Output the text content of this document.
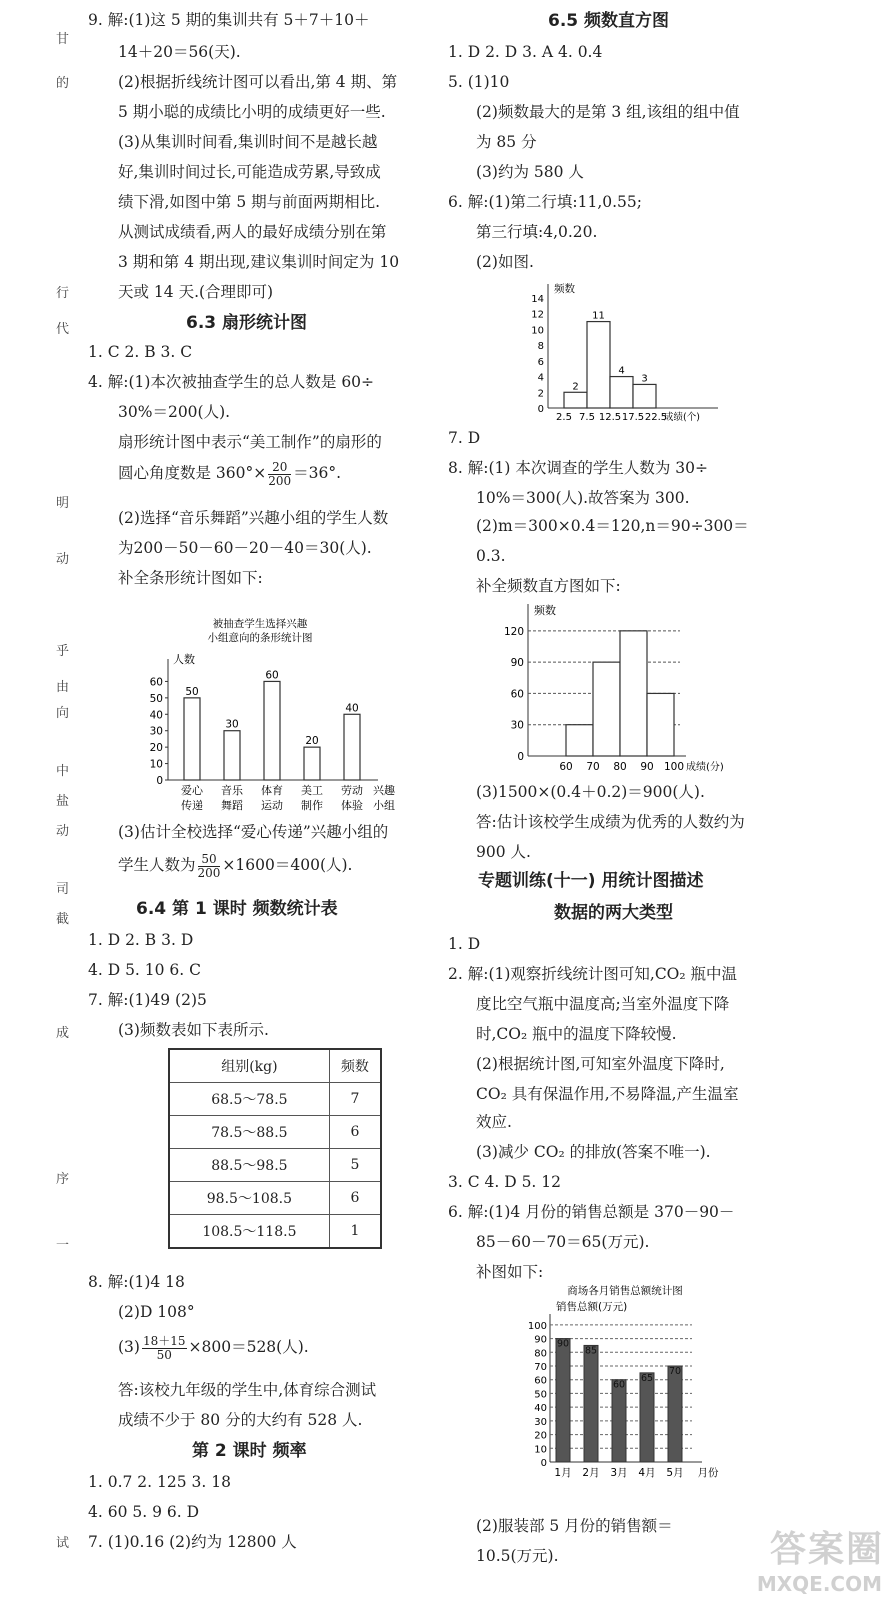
甘
的
行
代
明
动
乎
由
向
中
盐
动
司
截
成
序
一
试
9. 解:(1)这 5 期的集训共有 5＋7＋10＋
14＋20＝56(天).
(2)根据折线统计图可以看出,第 4 期、第
5 期小聪的成绩比小明的成绩更好一些.
(3)从集训时间看,集训时间不是越长越
好,集训时间过长,可能造成劳累,导致成
绩下滑,如图中第 5 期与前面两期相比.
从测试成绩看,两人的最好成绩分别在第
3 期和第 4 期出现,建议集训时间定为 10
天或 14 天.(合理即可)
6.3 扇形统计图
1. C 2. B 3. C
4. 解:(1)本次被抽查学生的总人数是 60÷
30%＝200(人).
扇形统计图中表示“美工制作”的扇形的
圆心角度数是 $360^\circ\times \frac{20}{200} =36^\circ$.
(2)选择“音乐舞蹈”兴趣小组的学生人数
为200－50－60－20－40＝30(人).
补全条形统计图如下:
被抽查学生选择兴趣
小组意向的条形统计图
人数
0
10
20
30
40
50
60
50
爱心
传递
30
音乐
舞蹈
60
体育
运动
20
美工
制作
40
劳动
体验
兴趣
小组
(3)估计全校选择“爱心传递”兴趣小组的
学生人数为 $\frac{50}{200} \times 1600=400$(人).
6.4 第 1 课时 频数统计表
1. D 2. B 3. D
4. D 5. 10 6. C
7. 解:(1)49 (2)5
(3)频数表如下表所示.
组别(kg)	频数
68.5～78.5	7
78.5～88.5	6
88.5～98.5	5
98.5～108.5	6
108.5～118.5	1
8. 解:(1)4 18
(2)D 108°
$(3) \frac{18+15}{50} \times 800=528$(人).
答:该校九年级的学生中,体育综合测试
成绩不少于 80 分的大约有 528 人.
第 2 课时 频率
1. 0.7 2. 125 3. 18
4. 60 5. 9 6. D
7. (1)0.16 (2)约为 12800 人
6.5 频数直方图
1. D 2. D 3. A 4. 0.4
5. (1)10
(2)频数最大的是第 3 组,该组的组中值
为 85 分
(3)约为 580 人
6. 解:(1)第二行填:11,0.55;
第三行填:4,0.20.
(2)如图.
频数
0
2
4
6
8
10
12
14
2
11
4
3
2.5 7.5 12.5 17.5 22.5
成绩(个)
7. D
8. 解:(1) 本次调查的学生人数为 30÷
10%＝300(人).故答案为 300.
(2)m＝300×0.4＝120,n＝90÷300＝
0.3.
补全频数直方图如下:
频数
0
30
60
90
120
60 70 80 90 100 成绩(分)
(3)1500×(0.4＋0.2)＝900(人).
答:估计该校学生成绩为优秀的人数约为
900 人.
专题训练(十一) 用统计图描述
数据的两大类型
1. D
2. 解:(1)观察折线统计图可知,CO₂ 瓶中温
度比空气瓶中温度高;当室外温度下降
时,CO₂ 瓶中的温度下降较慢.
(2)根据统计图,可知室外温度下降时,
CO₂ 具有保温作用,不易降温,产生温室
效应.
(3)减少 CO₂ 的排放(答案不唯一).
3. C 4. D 5. 12
6. 解:(1)4 月份的销售总额是 370－90－
85－60－70＝65(万元).
补图如下:
商场各月销售总额统计图
销售总额(万元)
0
10
20
30
40
50
60
70
80
90
100
90
1月
85
2月
60
3月
65
4月
70
5月 月份
(2)服装部 5 月份的销售额＝
10.5(万元).	答案圈
MXQE.COM
